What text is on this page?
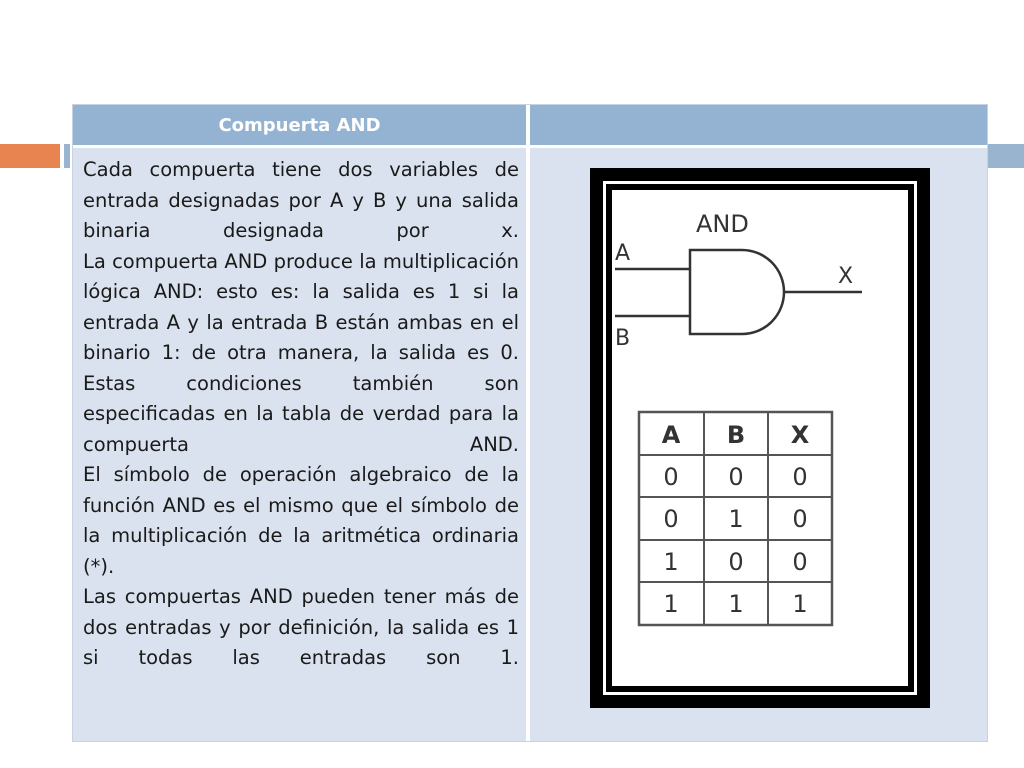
Compuerta AND

Cada compuerta tiene dos variables de entrada designadas por A y B y una salida binaria designada por x.

La compuerta AND produce la multiplicación lógica AND: esto es: la salida es 1 si la entrada A y la entrada B están ambas en el binario 1: de otra manera, la salida es 0.

Estas condiciones también son especificadas en la tabla de verdad para la compuerta AND.

El símbolo de operación algebraico de la función AND es el mismo que el símbolo de la multiplicación de la aritmética ordinaria (*).

Las compuertas AND pueden tener más de dos entradas y por definición, la salida es 1 si todas las entradas son 1.

AND
A
B
X
A B X
0 0 0
0 1 0
1 0 0
1 1 1
